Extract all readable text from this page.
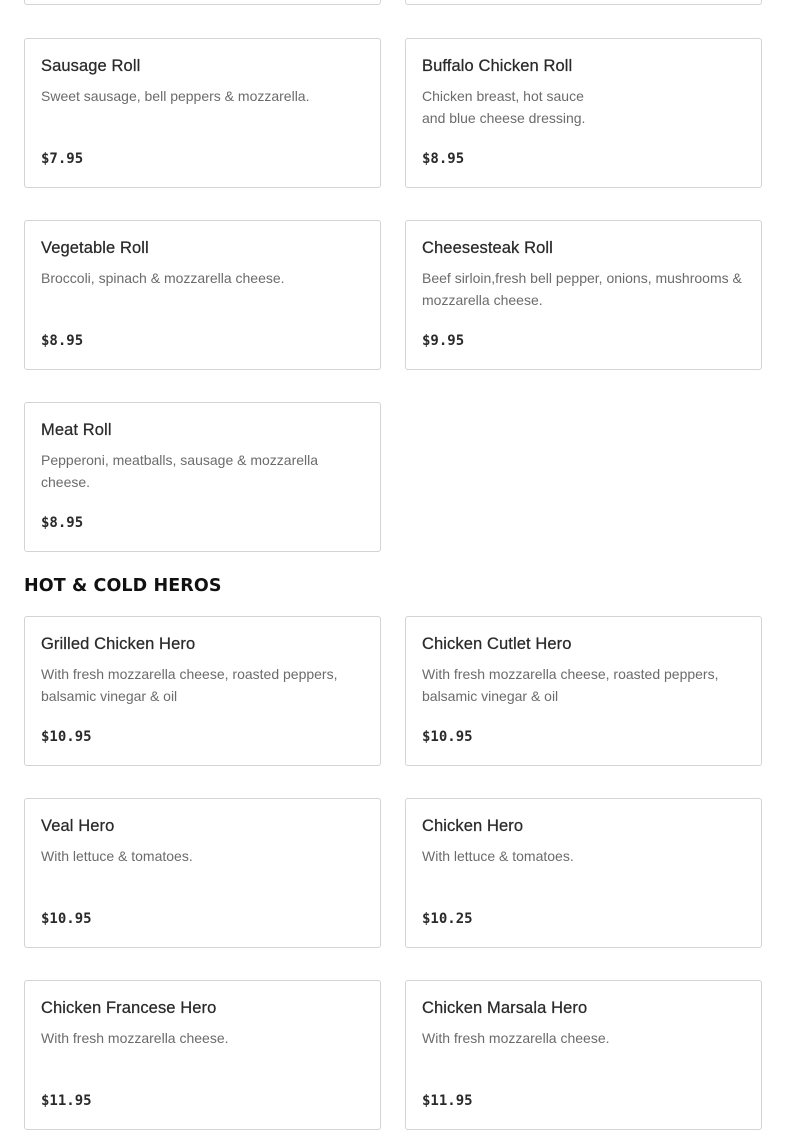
Sausage Roll
Sweet sausage, bell peppers & mozzarella.
$7.95
Buffalo Chicken Roll
Chicken breast, hot sauce
and blue cheese dressing.
$8.95
Vegetable Roll
Broccoli, spinach & mozzarella cheese.
$8.95
Cheesesteak Roll
Beef sirloin,fresh bell pepper, onions, mushrooms & mozzarella cheese.
$9.95
Meat Roll
Pepperoni, meatballs, sausage & mozzarella cheese.
$8.95
HOT & COLD HEROS
Grilled Chicken Hero
With fresh mozzarella cheese, roasted peppers, balsamic vinegar & oil
$10.95
Chicken Cutlet Hero
With fresh mozzarella cheese, roasted peppers, balsamic vinegar & oil
$10.95
Veal Hero
With lettuce & tomatoes.
$10.95
Chicken Hero
With lettuce & tomatoes.
$10.25
Chicken Francese Hero
With fresh mozzarella cheese.
$11.95
Chicken Marsala Hero
With fresh mozzarella cheese.
$11.95
